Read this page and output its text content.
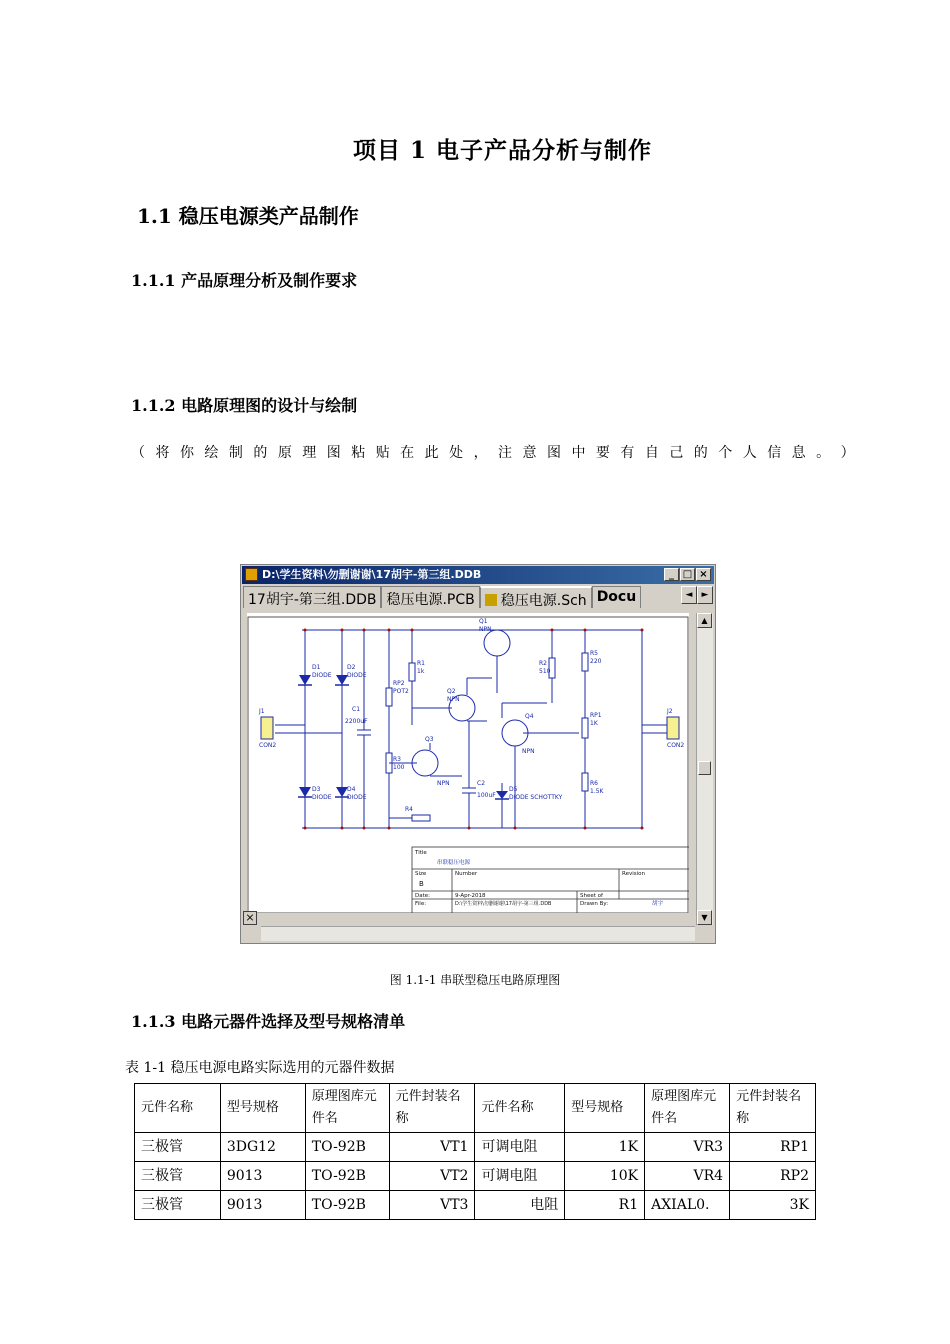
项目 1 电子产品分析与制作
1.1 稳压电源类产品制作
1.1.1 产品原理分析及制作要求
1.1.2 电路原理图的设计与绘制
（ 将 你 绘 制 的 原 理 图 粘 贴 在 此 处 ， 注 意 图 中 要 有 自 己 的 个 人 信 息 。 ）
D:\学生资料\勿删谢谢\17胡宇-第三组.DDB	_ □ ×
17胡宇-第三组.DDB 稳压电源.PCB	稳压电源.Sch Docu	◄	►
D1
DIODE
D2
DIODE
D3
DIODE
D4
DIODE
D5
DIODE SCHOTTKY
J1
CON2
J2
CON2
C1
2200uF
C2
100uF
R1
1k
RP2
POT2
R3
100
R4
R2
510
R5
220
RP1
1K
R6
1.5K
Q1
NPN
Q2
NPN
Q3
NPN
Q4
NPN
Title
串联稳压电源
Size
B
Number	Revision
Date:	9-Apr-2018	Sheet of
File:	D:\学生资料\勿删谢谢\17胡宇-第三组.DDB	Drawn By:	胡宇
▲
▼
×
图 1.1-1 串联型稳压电路原理图
1.1.3 电路元器件选择及型号规格清单
表 1-1 稳压电源电路实际选用的元器件数据
元件名称	型号规格	原理图库元件名	元件封装名称	元件名称	型号规格	原理图库元件名	元件封装名称
三极管	3DG12	TO-92B	VT1	可调电阻	1K	VR3	RP1
三极管	9013	TO-92B	VT2	可调电阻	10K	VR4	RP2
三极管	9013	TO-92B	VT3	电阻	R1	AXIAL0.	3K
